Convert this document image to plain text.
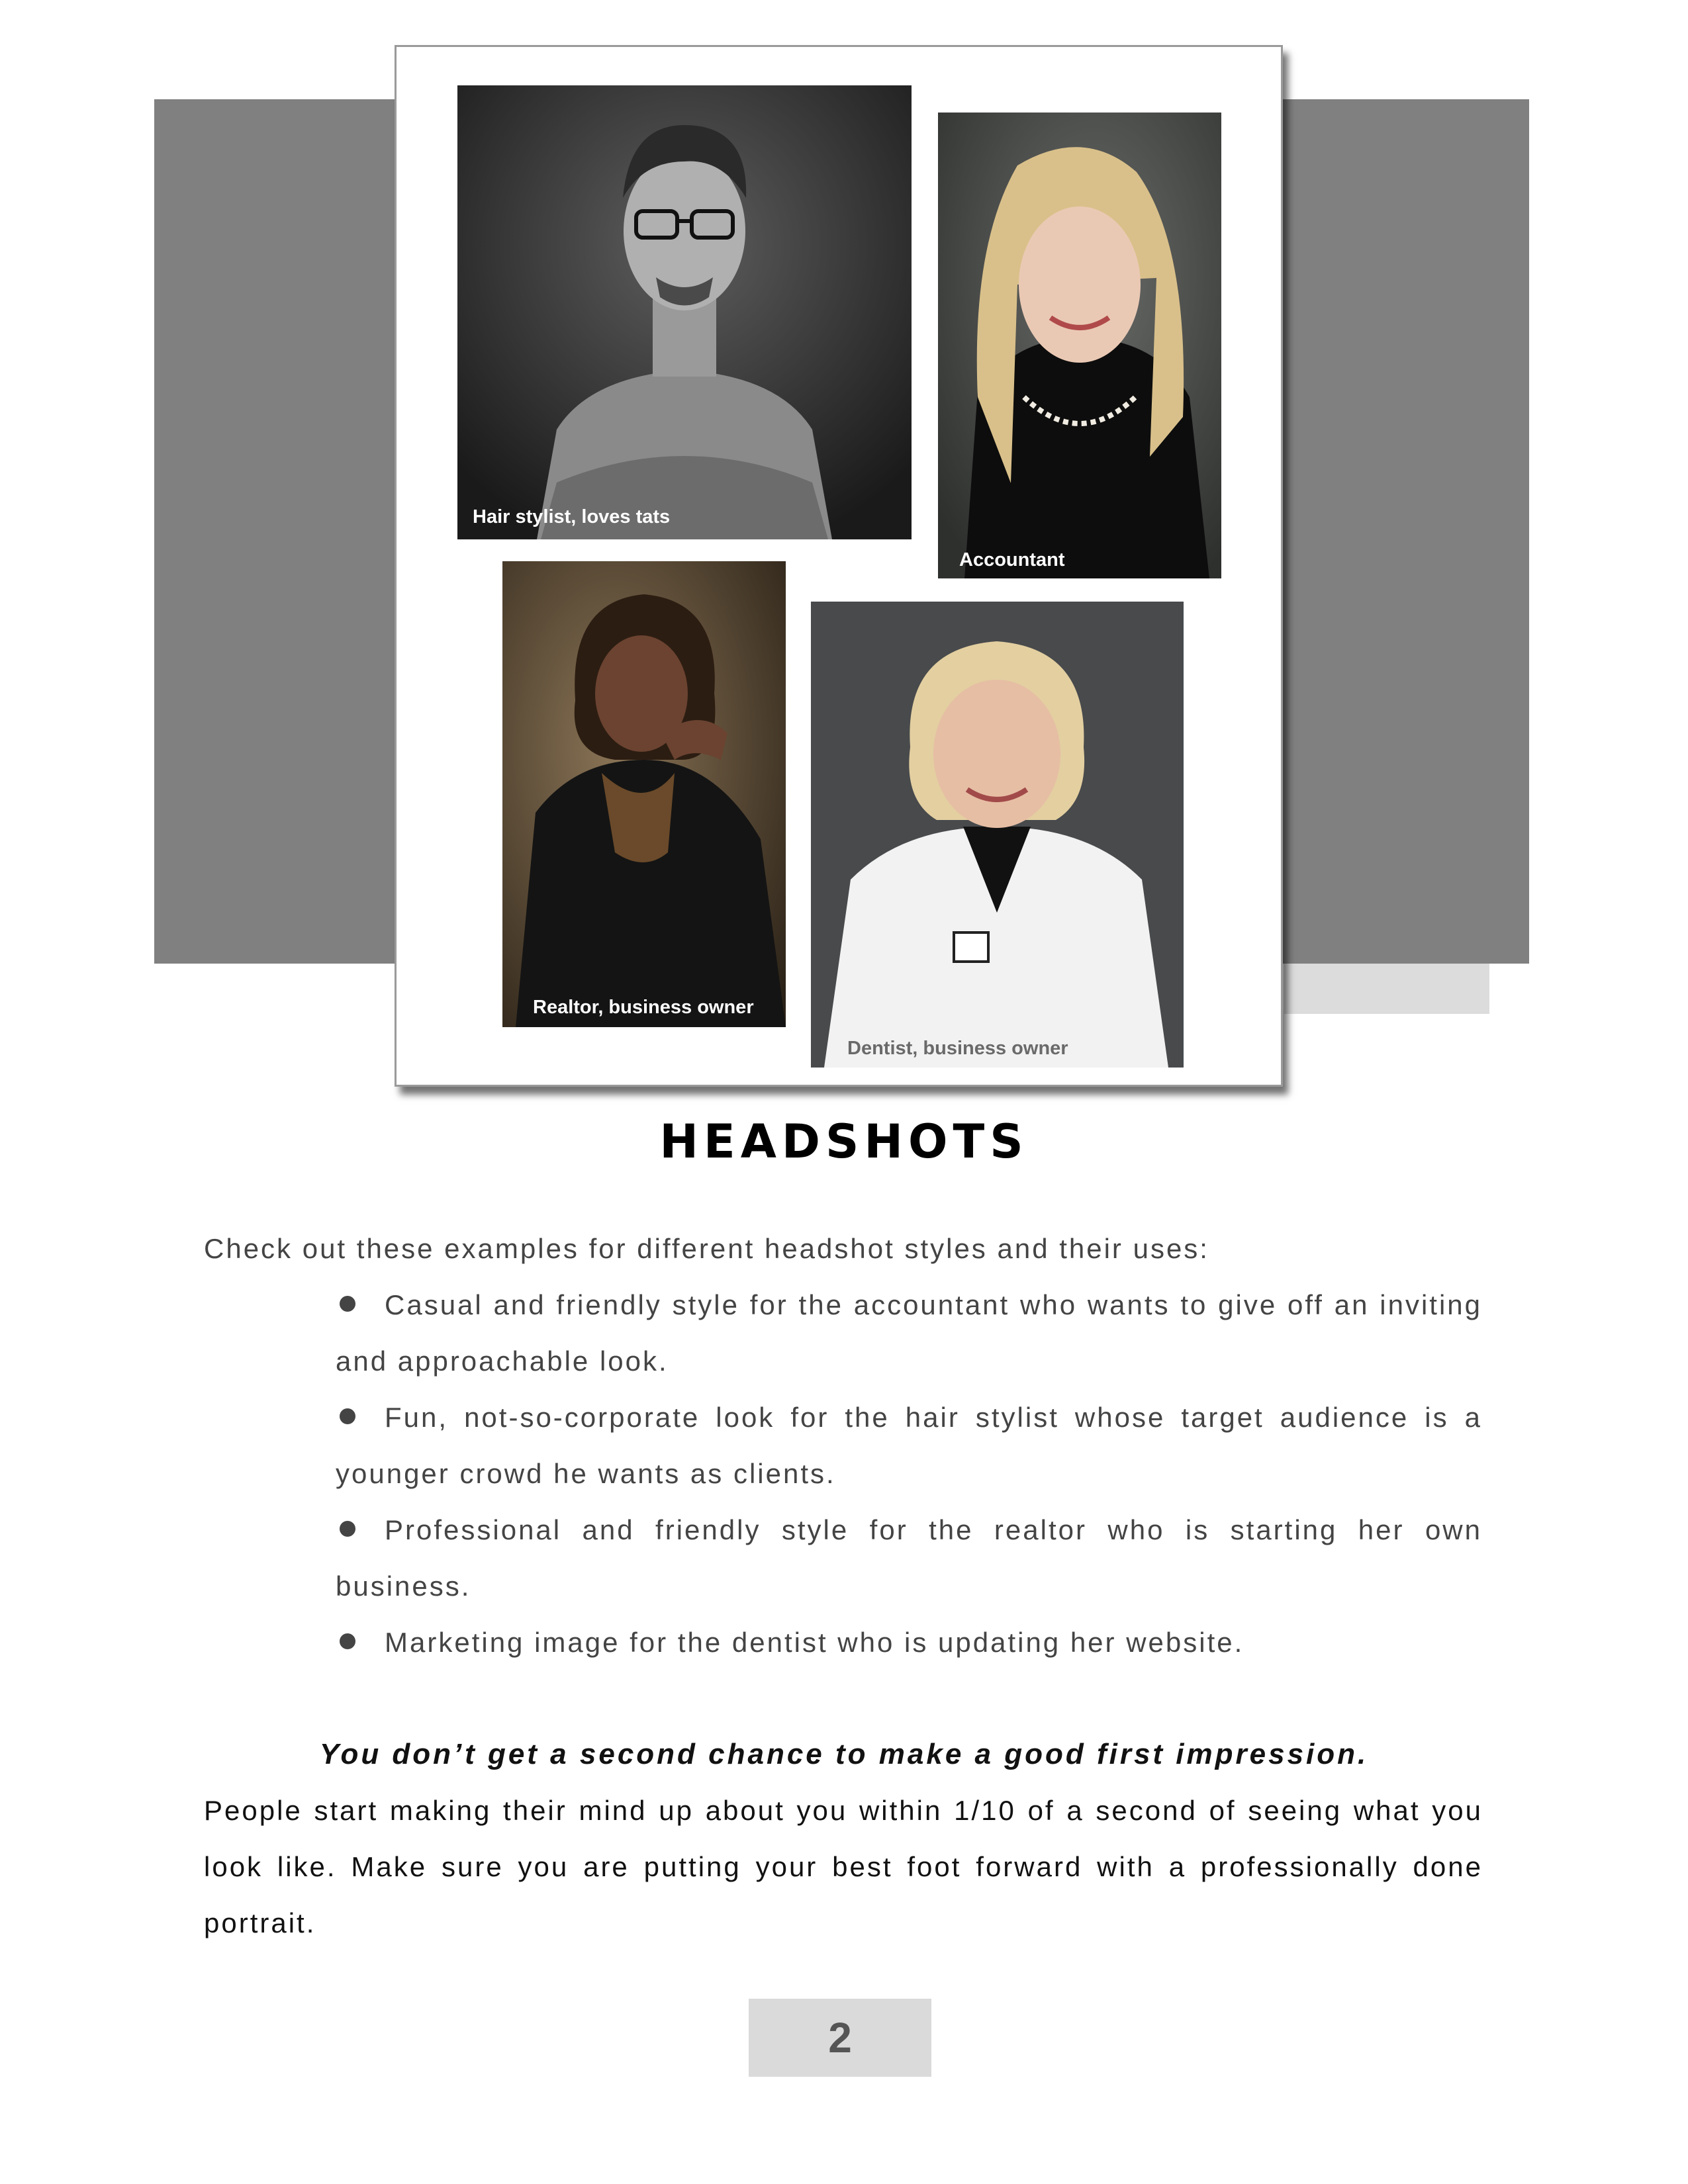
Hair stylist, loves tats
Accountant
Realtor, business owner
Dentist, business owner
HEADSHOTS
Check out these examples for different headshot styles and their uses:
Casual and friendly style for the accountant who wants to give off an inviting and approachable look.
Fun, not-so-corporate look for the hair stylist whose target audience is a younger crowd he wants as clients.
Professional and friendly style for the realtor who is starting her own business.
Marketing image for the dentist who is updating her website.
You don’t get a second chance to make a good first impression.
People start making their mind up about you within 1/10 of a second of seeing what you look like. Make sure you are putting your best foot forward with a professionally done portrait.
2
